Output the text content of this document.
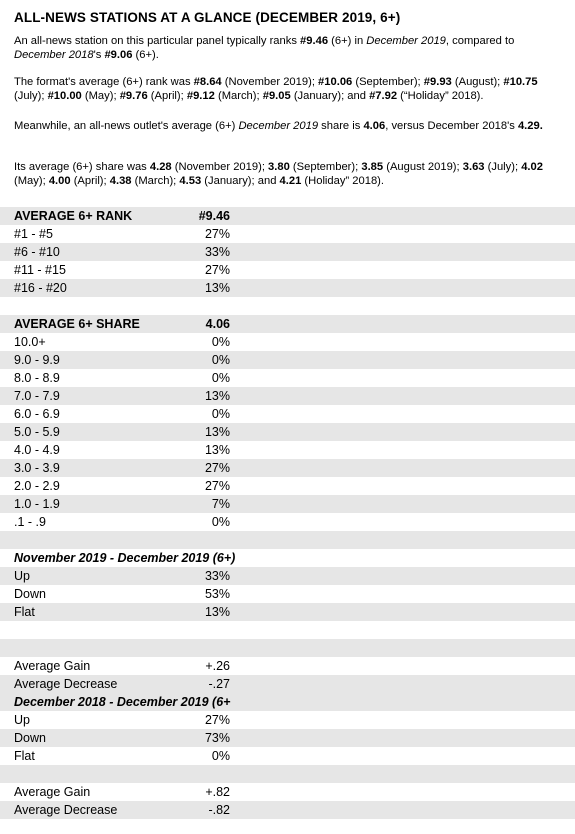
ALL-NEWS STATIONS AT A GLANCE (DECEMBER 2019, 6+)
An all-news station on this particular panel typically ranks #9.46 (6+) in December 2019, compared to December 2018's #9.06 (6+).
The format's average (6+) rank was #8.64 (November 2019); #10.06 (September); #9.93 (August); #10.75 (July); #10.00 (May); #9.76 (April); #9.12 (March); #9.05 (January); and #7.92 (“Holiday” 2018).
Meanwhile, an all-news outlet's average (6+) December 2019 share is 4.06, versus December 2018's 4.29.
Its average (6+) share was 4.28 (November 2019); 3.80 (September); 3.85 (August 2019); 3.63 (July); 4.02 (May); 4.00 (April); 4.38 (March); 4.53 (January); and 4.21 (Holiday” 2018).
AVERAGE 6+ RANK	#9.46
#1 - #5	27%
#6 - #10	33%
#11 - #15	27%
#16 - #20	13%
AVERAGE 6+ SHARE	4.06
10.0+	0%
9.0 - 9.9	0%
8.0 - 8.9	0%
7.0 - 7.9	13%
6.0 - 6.9	0%
5.0 - 5.9	13%
4.0 - 4.9	13%
3.0 - 3.9	27%
2.0 - 2.9	27%
1.0 - 1.9	7%
.1 - .9	0%
November 2019 - December 2019 (6+)
Up	33%
Down	53%
Flat	13%
Average Gain	+.26
Average Decrease	-.27
December 2018 - December 2019 (6+
Up	27%
Down	73%
Flat	0%
Average Gain	+.82
Average Decrease	-.82
